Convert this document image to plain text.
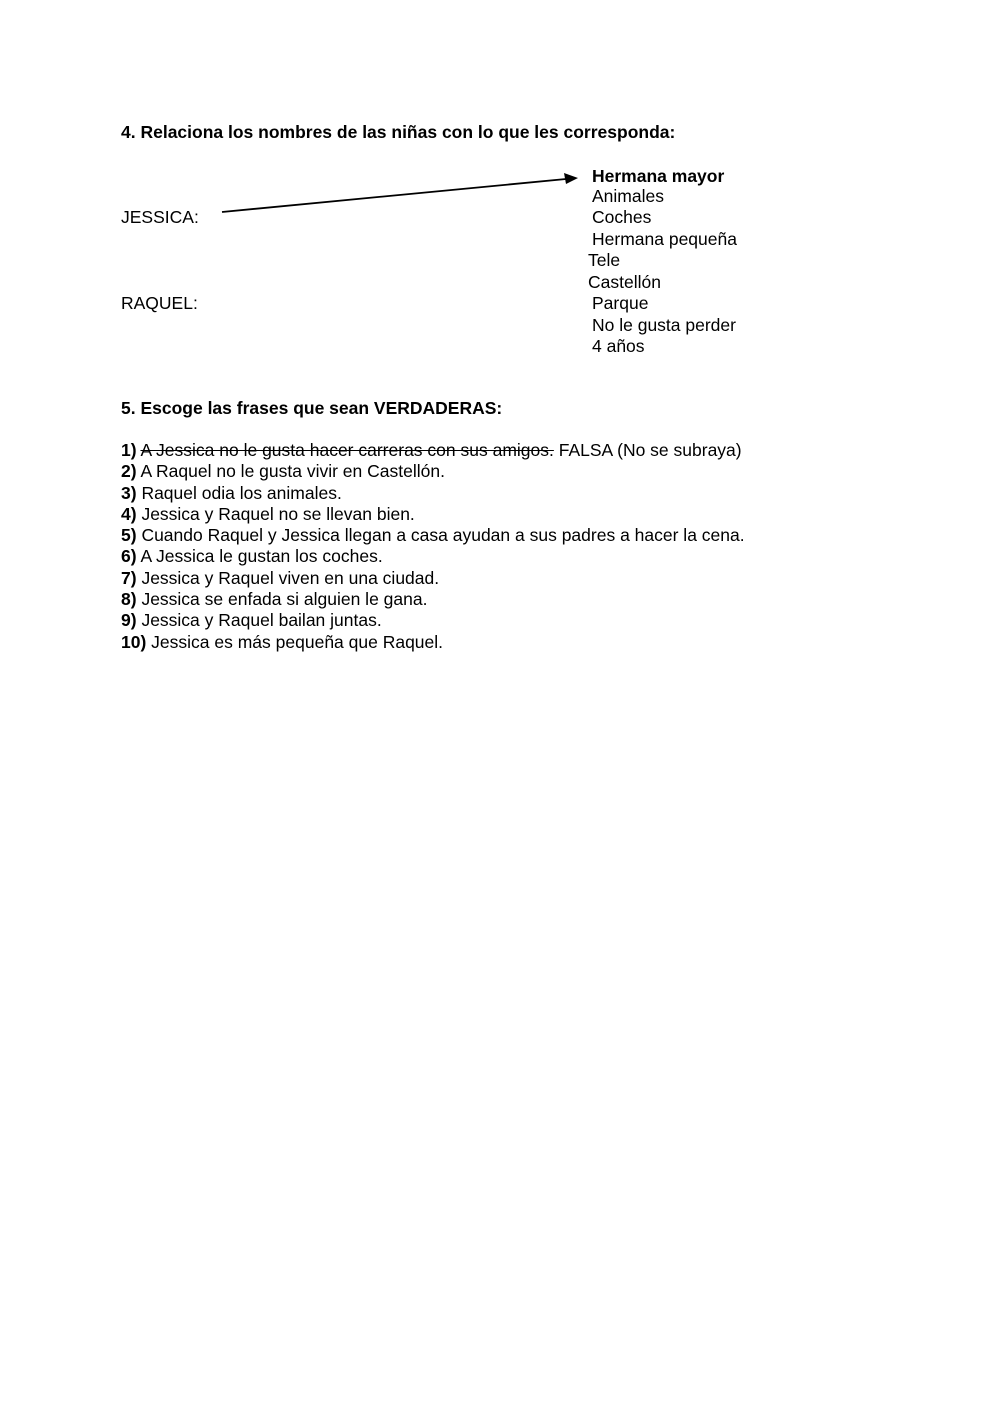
4. Relaciona los nombres de las niñas con lo que les corresponda:
JESSICA:
RAQUEL:
Hermana mayor
Animales
Coches
Hermana pequeña
Tele
Castellón
Parque
No le gusta perder
4 años
5. Escoge las frases que sean VERDADERAS:
1) A Jessica no le gusta hacer carreras con sus amigos. FALSA (No se subraya)
2) A Raquel no le gusta vivir en Castellón.
3) Raquel odia los animales.
4) Jessica y Raquel no se llevan bien.
5) Cuando Raquel y Jessica llegan a casa ayudan a sus padres a hacer la cena.
6) A Jessica le gustan los coches.
7) Jessica y Raquel viven en una ciudad.
8) Jessica se enfada si alguien le gana.
9) Jessica y Raquel bailan juntas.
10) Jessica es más pequeña que Raquel.
